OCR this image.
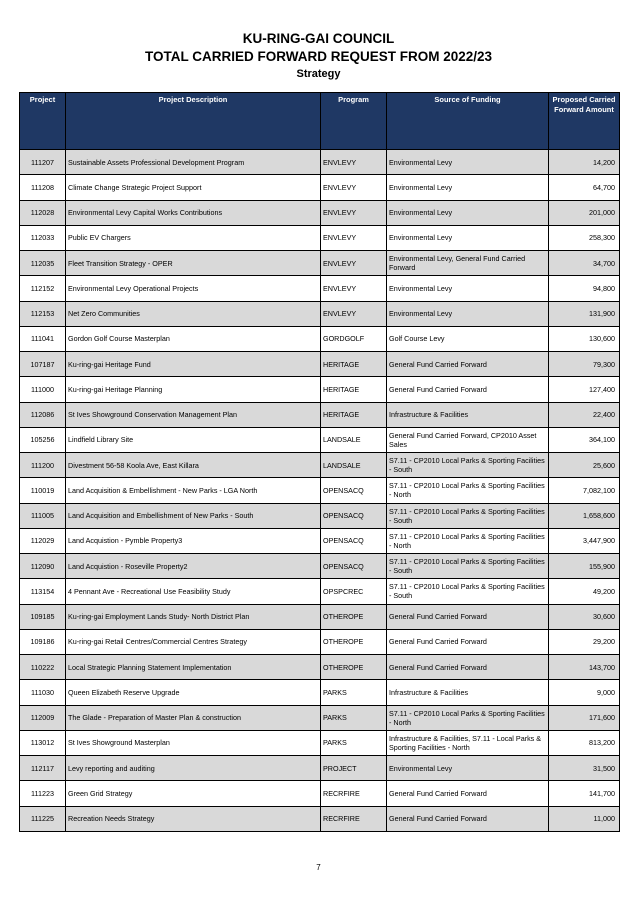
KU-RING-GAI COUNCIL
TOTAL CARRIED FORWARD REQUEST FROM 2022/23
Strategy
Project	Project Description	Program	Source of Funding	Proposed Carried Forward Amount
111207	Sustainable Assets Professional Development Program	ENVLEVY	Environmental Levy	14,200
111208	Climate Change Strategic Project Support	ENVLEVY	Environmental Levy	64,700
112028	Environmental Levy Capital Works Contributions	ENVLEVY	Environmental Levy	201,000
112033	Public EV Chargers	ENVLEVY	Environmental Levy	258,300
112035	Fleet Transition Strategy - OPER	ENVLEVY	Environmental Levy, General Fund Carried Forward	34,700
112152	Environmental Levy Operational Projects	ENVLEVY	Environmental Levy	94,800
112153	Net Zero Communities	ENVLEVY	Environmental Levy	131,900
111041	Gordon Golf Course Masterplan	GORDGOLF	Golf Course Levy	130,600
107187	Ku-ring-gai Heritage Fund	HERITAGE	General Fund Carried Forward	79,300
111000	Ku-ring-gai Heritage Planning	HERITAGE	General Fund Carried Forward	127,400
112086	St Ives Showground Conservation Management Plan	HERITAGE	Infrastructure & Facilities	22,400
105256	Lindfield Library Site	LANDSALE	General Fund Carried Forward, CP2010 Asset Sales	364,100
111200	Divestment 56-58 Koola Ave, East Killara	LANDSALE	S7.11 - CP2010 Local Parks & Sporting Facilities - South	25,600
110019	Land Acquisition & Embellishment - New Parks - LGA North	OPENSACQ	S7.11 - CP2010 Local Parks & Sporting Facilities - North	7,082,100
111005	Land Acquisition and Embellishment of New Parks - South	OPENSACQ	S7.11 - CP2010 Local Parks & Sporting Facilities - South	1,658,600
112029	Land Acquistion - Pymble Property3	OPENSACQ	S7.11 - CP2010 Local Parks & Sporting Facilities - North	3,447,900
112090	Land Acquistion - Roseville Property2	OPENSACQ	S7.11 - CP2010 Local Parks & Sporting Facilities - South	155,900
113154	4 Pennant Ave - Recreational Use Feasibility Study	OPSPCREC	S7.11 - CP2010 Local Parks & Sporting Facilities - South	49,200
109185	Ku-ring-gai Employment Lands Study- North District Plan	OTHEROPE	General Fund Carried Forward	30,600
109186	Ku-ring-gai Retail Centres/Commercial Centres Strategy	OTHEROPE	General Fund Carried Forward	29,200
110222	Local Strategic Planning Statement Implementation	OTHEROPE	General Fund Carried Forward	143,700
111030	Queen Elizabeth Reserve Upgrade	PARKS	Infrastructure & Facilities	9,000
112009	The Glade - Preparation of Master Plan & construction	PARKS	S7.11 - CP2010 Local Parks & Sporting Facilities - North	171,600
113012	St Ives Showground Masterplan	PARKS	Infrastructure & Facilities, S7.11 - Local Parks & Sporting Facilities - North	813,200
112117	Levy reporting and auditing	PROJECT	Environmental Levy	31,500
111223	Green Grid Strategy	RECRFIRE	General Fund Carried Forward	141,700
111225	Recreation Needs Strategy	RECRFIRE	General Fund Carried Forward	11,000
7
